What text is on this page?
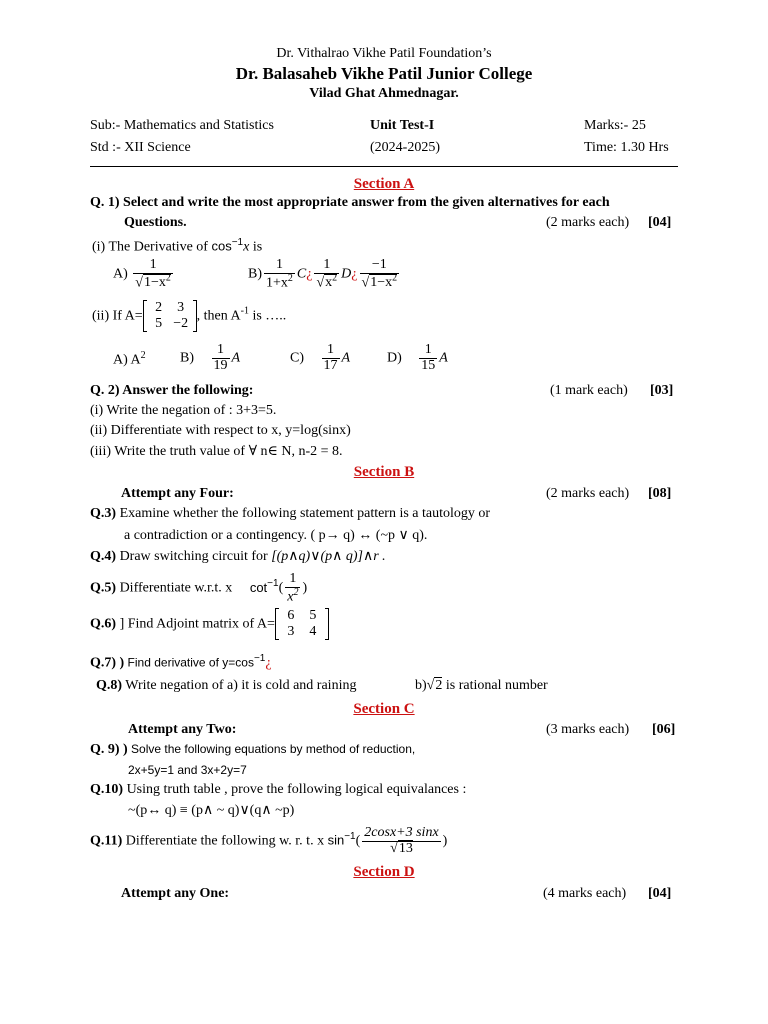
Dr. Vithalrao Vikhe Patil Foundation’s
Dr. Balasaheb Vikhe Patil Junior College
Vilad Ghat Ahmednagar.
Sub:- Mathematics and Statistics	Unit Test-I	Marks:- 25
Std :- XII Science	(2024-2025)	Time: 1.30 Hrs
Section A
Q. 1) Select and write the most appropriate answer from the given alternatives for each
Questions.	(2 marks each) [04]
(i) The Derivative of $\cos^{-1}x$ is
$A) \frac{1}{√1-x^2}$	$B) \frac{1}{1+x^2}$ C¿ $\frac{1}{√x^2}$ D¿ $\frac{-1}{√1-x^2}$
(ii) If A=
2 3
5 −2
, then $A^{-1}$ is …..
A) $A^2$ $B) \frac{1}{19}$ A	$C) \frac{1}{17}$ A	$D) \frac{1}{15}$ A
Q. 2) Answer the following:	(1 mark each) [03]
(i) Write the negation of : 3+3=5.
(ii) Differentiate with respect to x, y=log(sinx)
(iii) Write the truth value of ∀ n∈ N, n-2 = 8.
Section B
Attempt any Four:	(2 marks each) [08]
Q.3) Examine whether the following statement pattern is a tautology or
a contradiction or a contingency. ( p→ q) ↔ (~p ∨ q).
Q.4) Draw switching circuit for [(p∧q)∨(p∧ q)]∧r .
Q.5) Differentiate w.r.t. x $\cot^{-1}( \frac{1}{x^2}$ )
Q.6) ] Find Adjoint matrix of A=
6 5
3 4
Q.7) ) Find derivative of $y=\cos^{-1}¿$
Q.8) Write negation of a) it is cold and raining	b)√2 is rational number
Section C
Attempt any Two:	(3 marks each) [06]
Q. 9) ) Solve the following equations by method of reduction,
2x+5y=1 and 3x+2y=7
Q.10) Using truth table , prove the following logical equivalances :
~(p↔ q) ≡ (p∧ ~ q)∨(q∧ ~p)
Q.11) Differentiate the following w. r. t. x $\sin^{-1}( \frac{2\cos x+3 \sin x}{√13}$ )
Section D
Attempt any One:	(4 marks each) [04]
